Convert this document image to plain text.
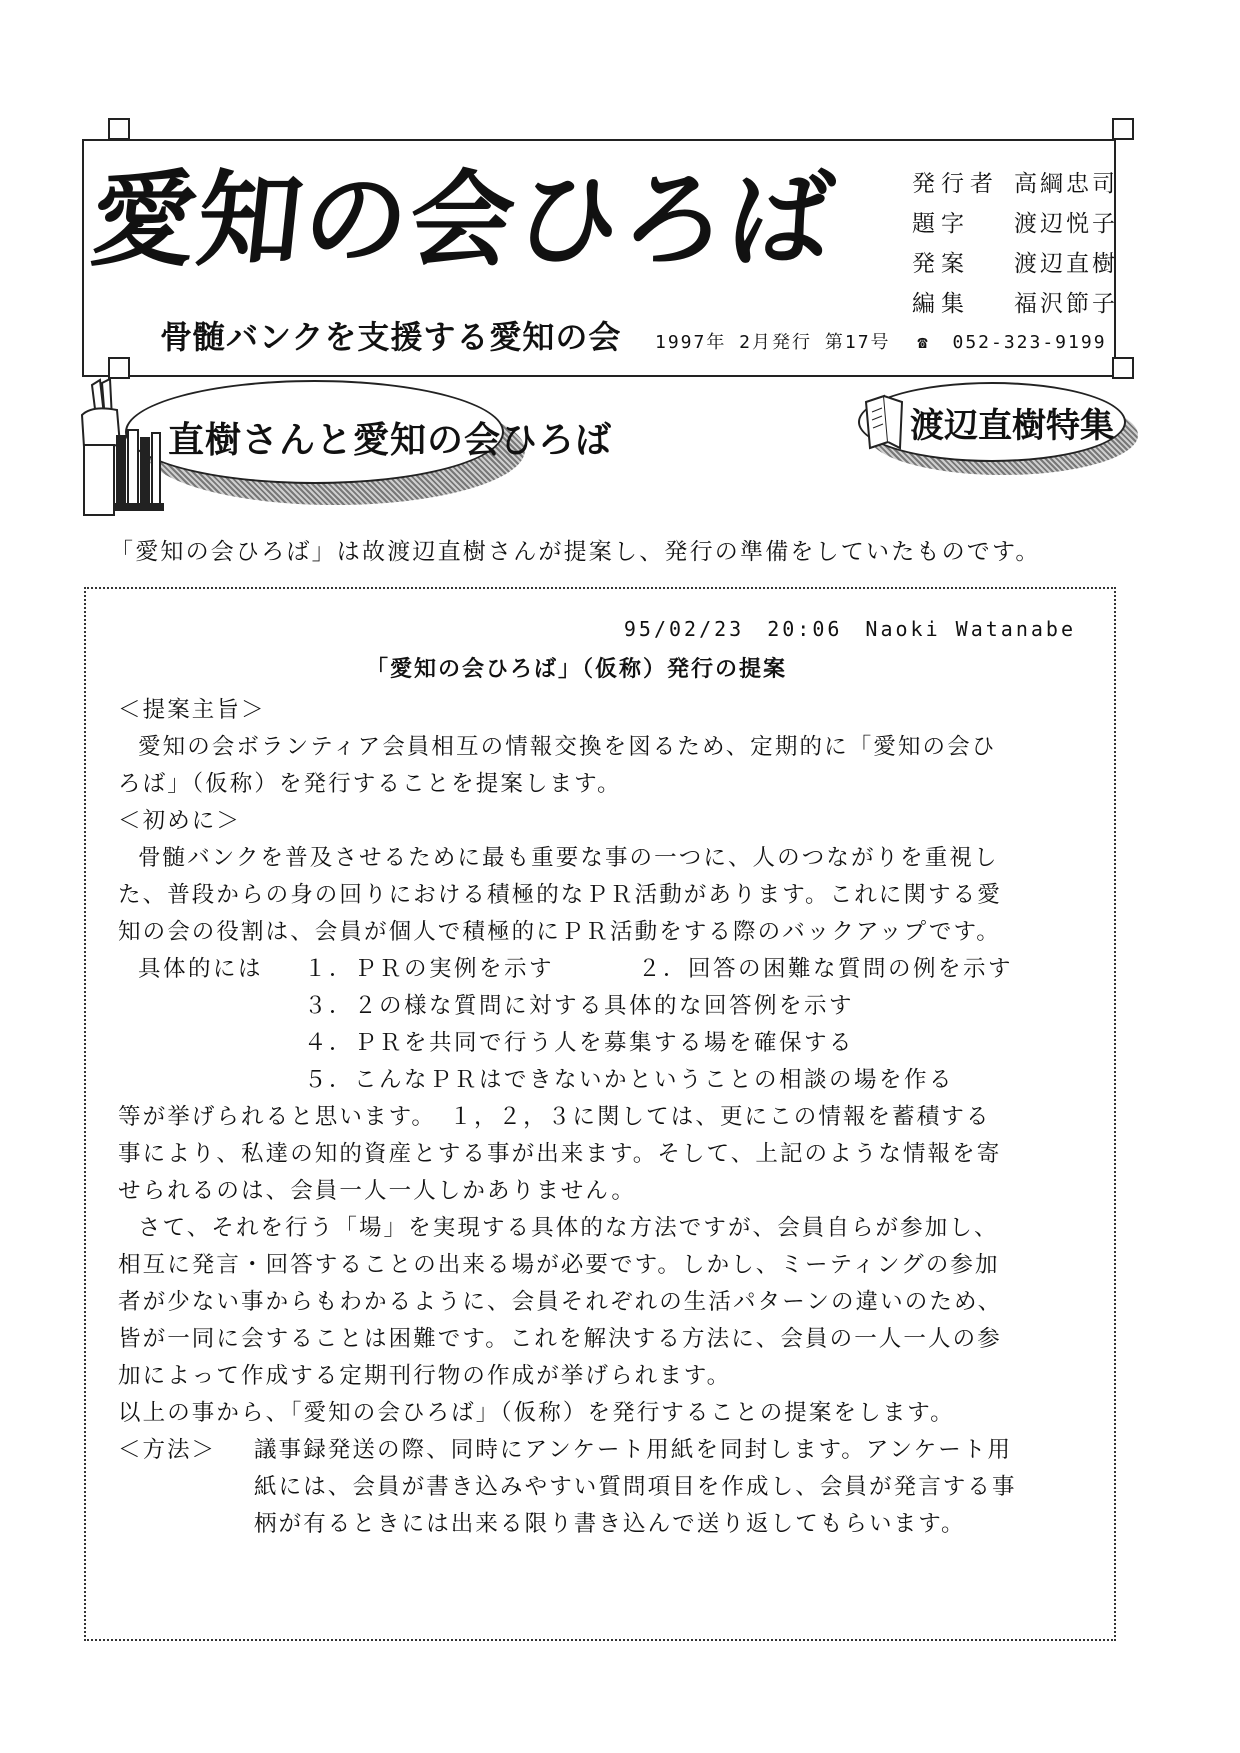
愛知の会ひろば
骨髄バンクを支援する愛知の会 1997年 2月発行 第17号 ☎ 052-323-9199
発行者 高綱忠司
題字	渡辺悦子
発案	渡辺直樹
編集	福沢節子
直樹さんと愛知の会ひろば	渡辺直樹特集
「愛知の会ひろば」は故渡辺直樹さんが提案し、発行の準備をしていたものです。
95/02/23　20:06　Naoki Watanabe
「愛知の会ひろば」（仮称）発行の提案
＜提案主旨＞
愛知の会ボランティア会員相互の情報交換を図るため、定期的に「愛知の会ひ
ろば」（仮称）を発行することを提案します。
＜初めに＞
骨髄バンクを普及させるために最も重要な事の一つに、人のつながりを重視し
た、普段からの身の回りにおける積極的なＰＲ活動があります。これに関する愛
知の会の役割は、会員が個人で積極的にＰＲ活動をする際のバックアップです。
具体的には １．ＰＲの実例を示す	２．回答の困難な質問の例を示す
３．２の様な質問に対する具体的な回答例を示す
４．ＰＲを共同で行う人を募集する場を確保する
５．こんなＰＲはできないかということの相談の場を作る
等が挙げられると思います。　１，２，３に関しては、更にこの情報を蓄積する
事により、私達の知的資産とする事が出来ます。そして、上記のような情報を寄
せられるのは、会員一人一人しかありません。
さて、それを行う「場」を実現する具体的な方法ですが、会員自らが参加し、
相互に発言・回答することの出来る場が必要です。しかし、ミーティングの参加
者が少ない事からもわかるように、会員それぞれの生活パターンの違いのため、
皆が一同に会することは困難です。これを解決する方法に、会員の一人一人の参
加によって作成する定期刊行物の作成が挙げられます。
以上の事から、「愛知の会ひろば」（仮称）を発行することの提案をします。
＜方法＞ 議事録発送の際、同時にアンケート用紙を同封します。アンケート用
紙には、会員が書き込みやすい質問項目を作成し、会員が発言する事
柄が有るときには出来る限り書き込んで送り返してもらいます。
